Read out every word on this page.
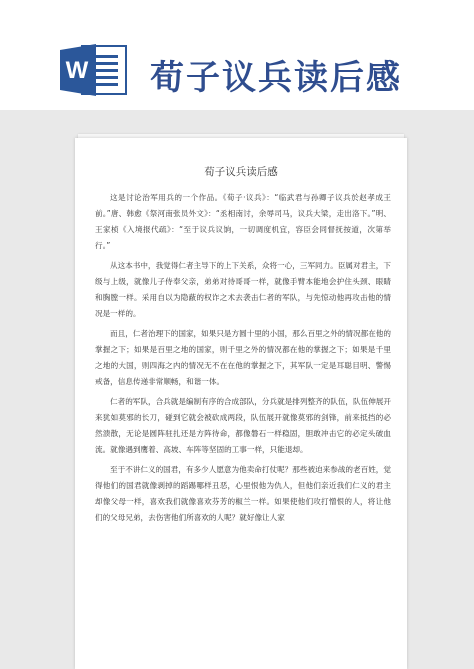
W 荀子议兵读后感
荀子议兵读后感

这是讨论治军用兵的一个作品。《荀子·议兵》：“临武君与孙卿子议兵於赵孝成王前。”唐、韩愈《祭河南张员外文》：“丞相南讨，余辱司马，议兵大梁，走出洛下。”明、王家桢《入境报代疏》：“至于议兵议饷，一切调度机宜，容臣会同督抚按道，次第举行。”

从这本书中，我觉得仁者主导下的上下关系，众将一心，三军同力。臣属对君主，下级与上级，就像儿子侍奉父亲，弟弟对待哥哥一样，就像手臂本能地会护住头颈、眼睛和胸膛一样。采用自以为隐蔽的权诈之术去袭击仁者的军队，与先惊动他再攻击他的情况是一样的。

而且，仁者治理下的国家，如果只是方圆十里的小国，那么百里之外的情况都在他的掌握之下；如果是百里之地的国家，则千里之外的情况都在他的掌握之下；如果是千里之地的大国，则四海之内的情况无不在在他的掌握之下，其军队一定是耳聪目明、警惕戒备，信息传递非常顺畅，和谐一体。

仁者的军队，合兵就是编制有序的合成部队，分兵就是排列整齐的队伍，队伍伸展开来犹如莫邪的长刀，碰到它就会被砍成两段，队伍展开就像莫邪的剑锋，前来抵挡的必然溃散，无论是圆阵驻扎还是方阵待命，都像磐石一样稳固，胆敢冲击它的必定头破血流。就像遇到鹰着、高坡、车阵等坚固的工事一样，只能退却。

至于不讲仁义的国君，有多少人愿意为他卖命打仗呢？那些被迫来参战的老百姓，觉得他们的国君就像剥掉的蹈踢哪样丑恶，心里恨他为仇人，但他们亲近我们仁义的君主却像父母一样，喜欢我们就像喜欢芬芳的椒兰一样。如果使他们攻打憎恨的人，将让他们的父母兄弟，去伤害他们所喜欢的人呢？就好像让人家
